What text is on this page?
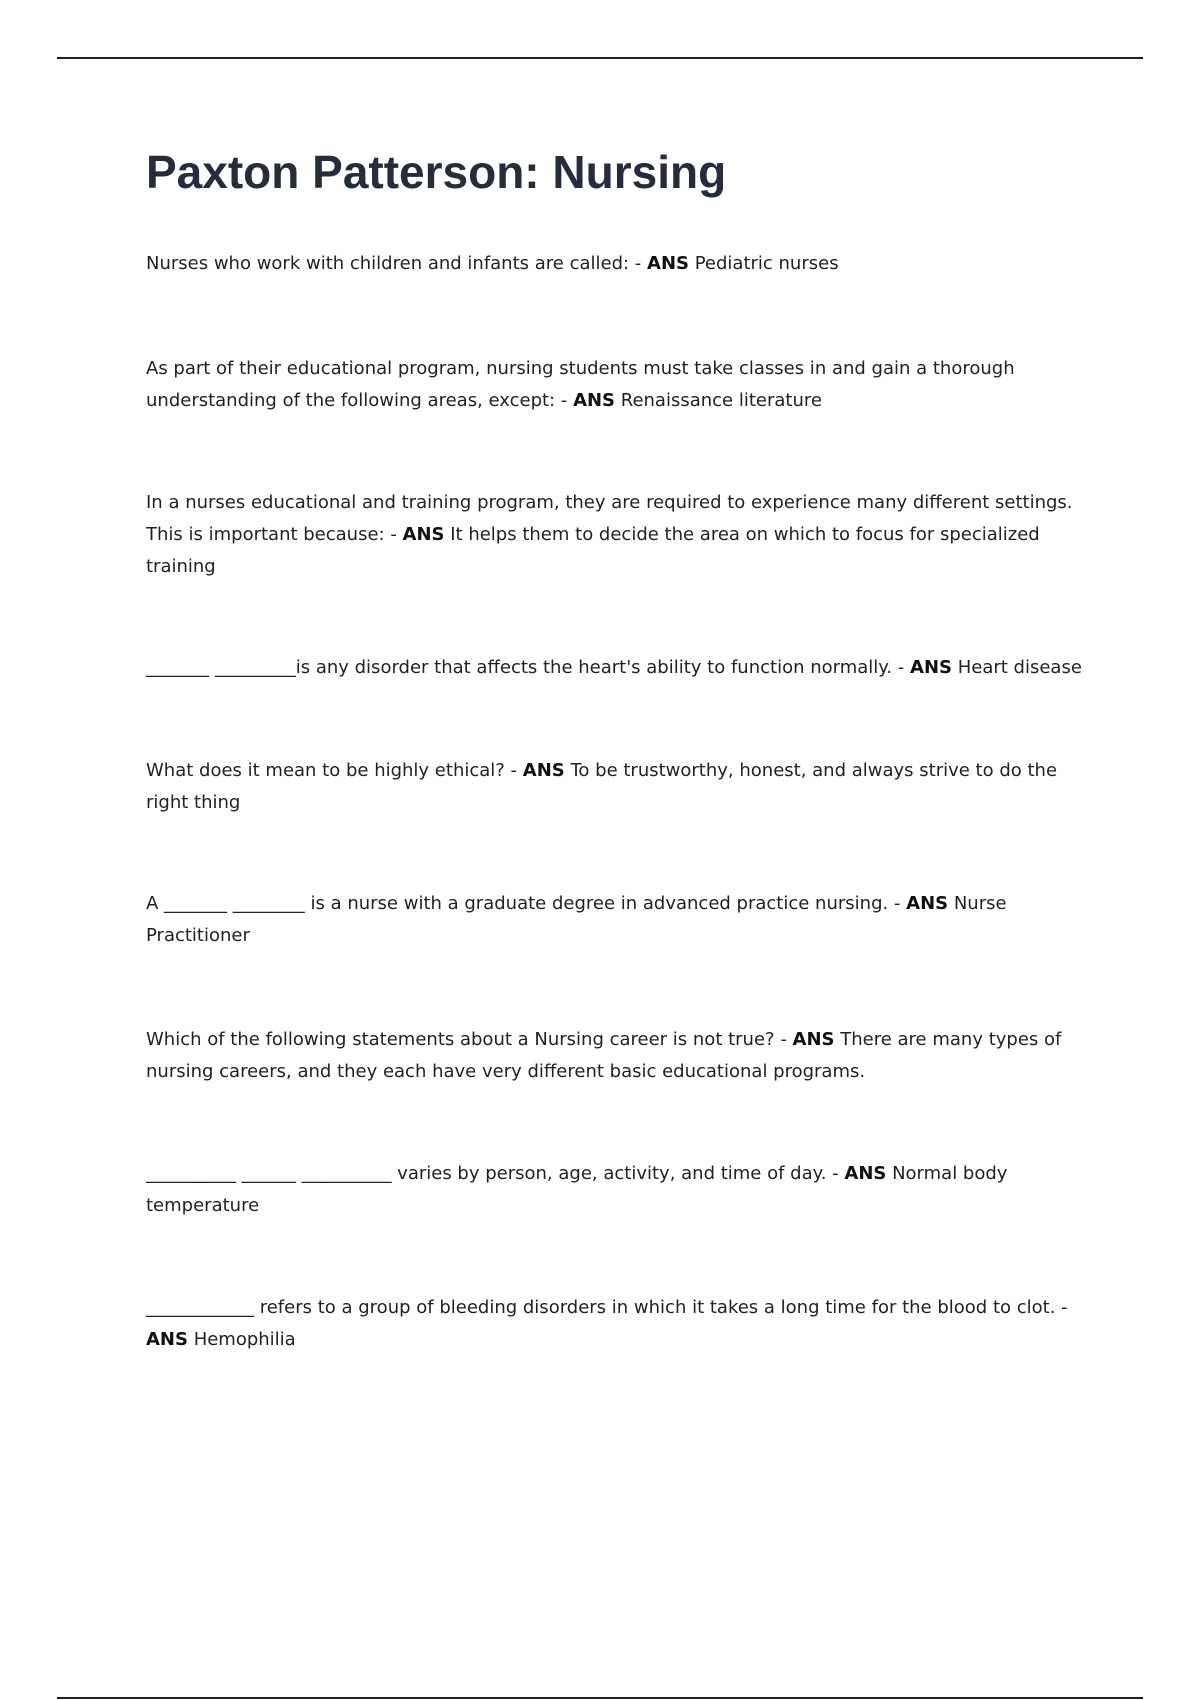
Paxton Patterson: Nursing

Nurses who work with children and infants are called: - ANS Pediatric nurses

As part of their educational program, nursing students must take classes in and gain a thorough understanding of the following areas, except: - ANS Renaissance literature

In a nurses educational and training program, they are required to experience many different settings. This is important because: - ANS It helps them to decide the area on which to focus for specialized training

_______ _________is any disorder that affects the heart's ability to function normally. - ANS Heart disease

What does it mean to be highly ethical? - ANS To be trustworthy, honest, and always strive to do the right thing

A _______ ________ is a nurse with a graduate degree in advanced practice nursing. - ANS Nurse Practitioner

Which of the following statements about a Nursing career is not true? - ANS There are many types of nursing careers, and they each have very different basic educational programs.

__________ ______ __________ varies by person, age, activity, and time of day. - ANS Normal body temperature

____________ refers to a group of bleeding disorders in which it takes a long time for the blood to clot. - ANS Hemophilia
